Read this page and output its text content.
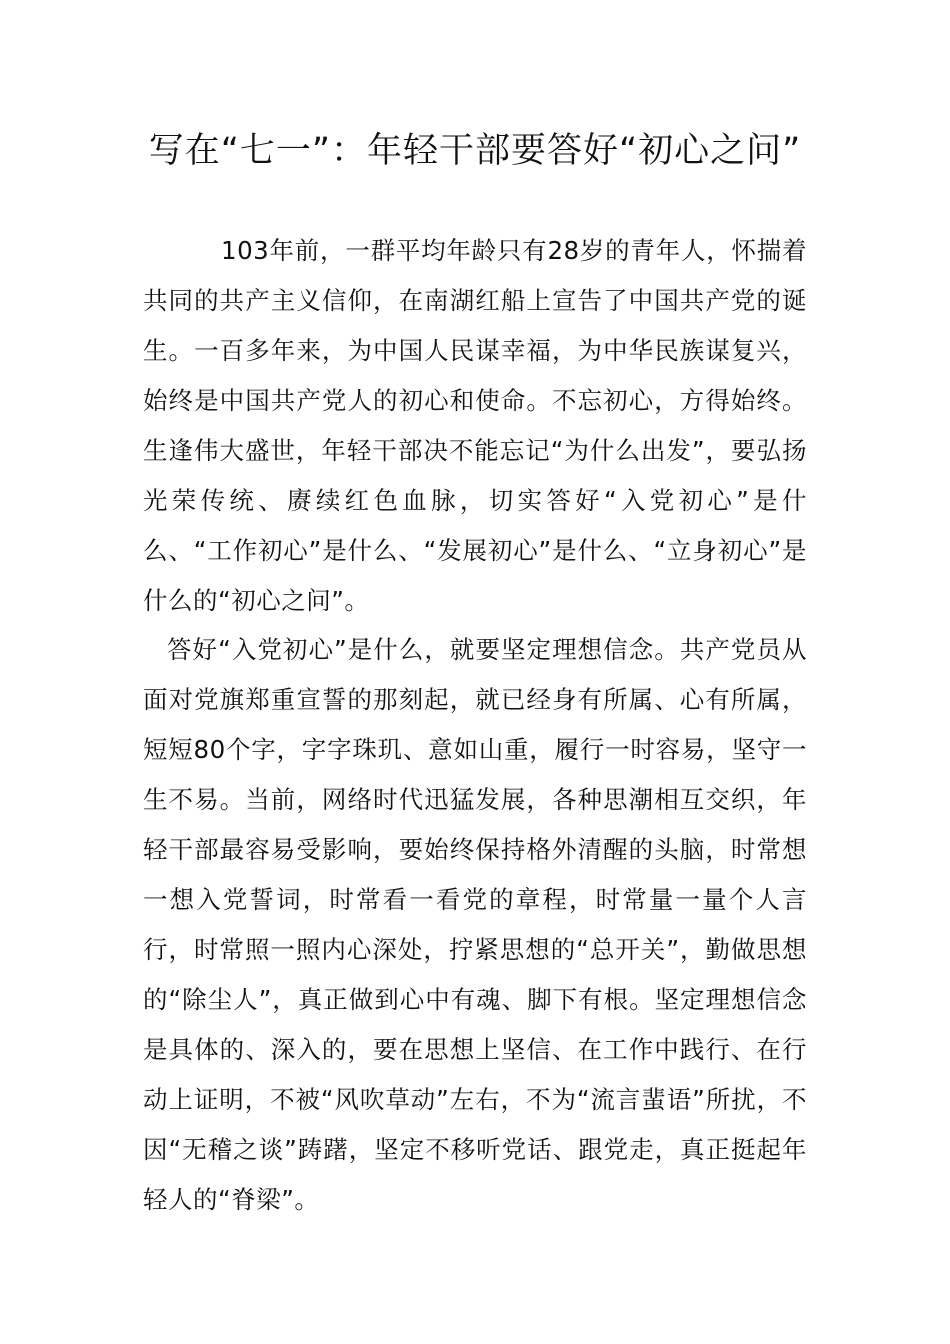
写在“七一”：年轻干部要答好“初心之问”

103年前，一群平均年龄只有28岁的青年人，怀揣着共同的共产主义信仰，在南湖红船上宣告了中国共产党的诞生。一百多年来，为中国人民谋幸福，为中华民族谋复兴，始终是中国共产党人的初心和使命。不忘初心，方得始终。生逢伟大盛世，年轻干部决不能忘记“为什么出发”，要弘扬光荣传统、赓续红色血脉，切实答好“入党初心”是什么、“工作初心”是什么、“发展初心”是什么、“立身初心”是什么的“初心之问”。

答好“入党初心”是什么，就要坚定理想信念。共产党员从面对党旗郑重宣誓的那刻起，就已经身有所属、心有所属，短短80个字，字字珠玑、意如山重，履行一时容易，坚守一生不易。当前，网络时代迅猛发展，各种思潮相互交织，年轻干部最容易受影响，要始终保持格外清醒的头脑，时常想一想入党誓词，时常看一看党的章程，时常量一量个人言行，时常照一照内心深处，拧紧思想的“总开关”，勤做思想的“除尘人”，真正做到心中有魂、脚下有根。坚定理想信念是具体的、深入的，要在思想上坚信、在工作中践行、在行动上证明，不被“风吹草动”左右，不为“流言蜚语”所扰，不因“无稽之谈”踌躇，坚定不移听党话、跟党走，真正挺起年轻人的“脊梁”。
